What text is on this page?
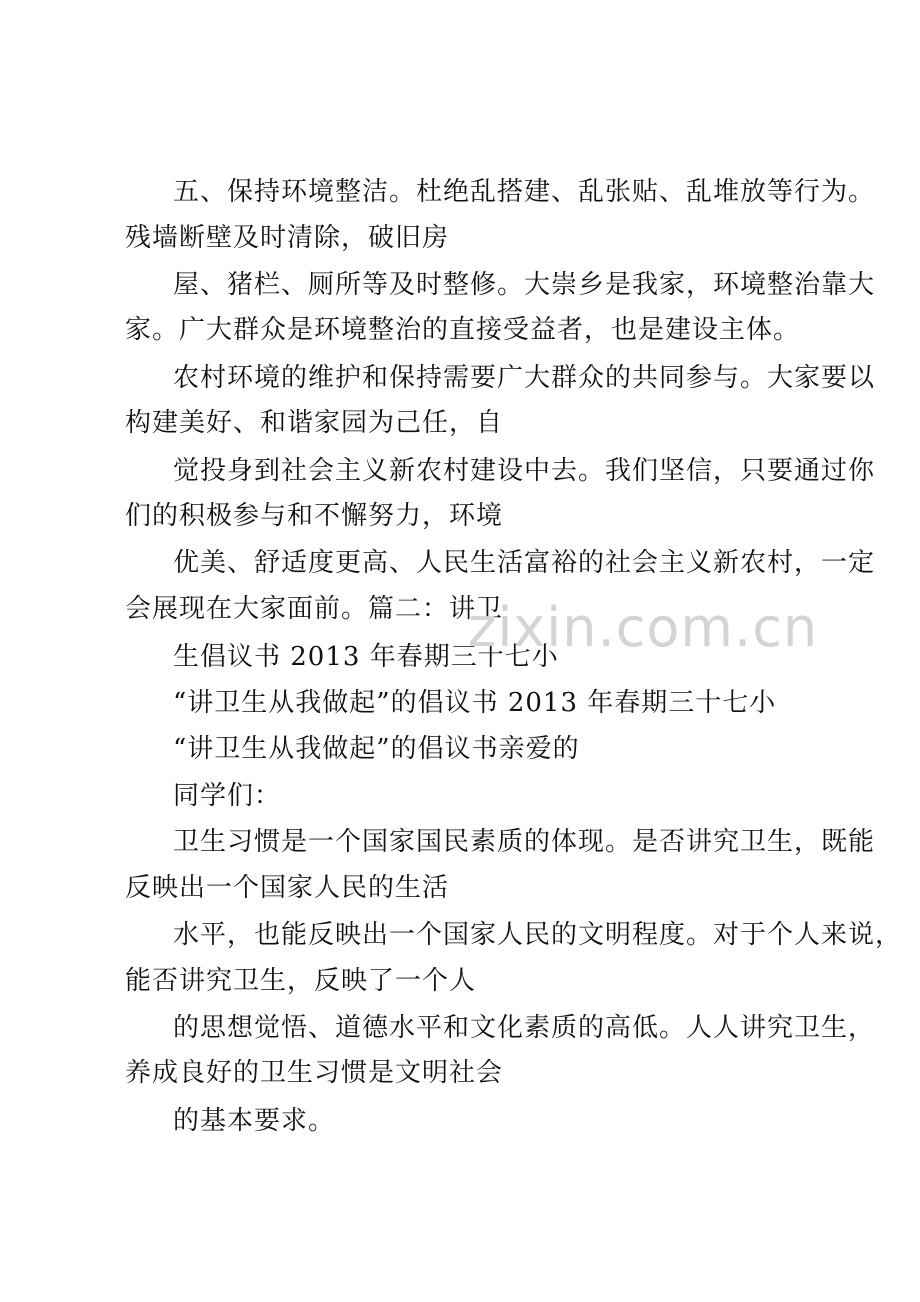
五、保持环境整洁。杜绝乱搭建、乱张贴、乱堆放等行为。
残墙断壁及时清除，破旧房
屋、猪栏、厕所等及时整修。大崇乡是我家，环境整治靠大
家。广大群众是环境整治的直接受益者，也是建设主体。
农村环境的维护和保持需要广大群众的共同参与。大家要以
构建美好、和谐家园为己任，自
觉投身到社会主义新农村建设中去。我们坚信，只要通过你
们的积极参与和不懈努力，环境
优美、舒适度更高、人民生活富裕的社会主义新农村，一定
会展现在大家面前。篇二：讲卫
生倡议书 2013 年春期三十七小
“讲卫生从我做起”的倡议书 2013 年春期三十七小
“讲卫生从我做起”的倡议书亲爱的
同学们：
卫生习惯是一个国家国民素质的体现。是否讲究卫生，既能
反映出一个国家人民的生活
水平，也能反映出一个国家人民的文明程度。对于个人来说，
能否讲究卫生，反映了一个人
的思想觉悟、道德水平和文化素质的高低。人人讲究卫生，
养成良好的卫生习惯是文明社会
的基本要求。
zixin.com.cn
